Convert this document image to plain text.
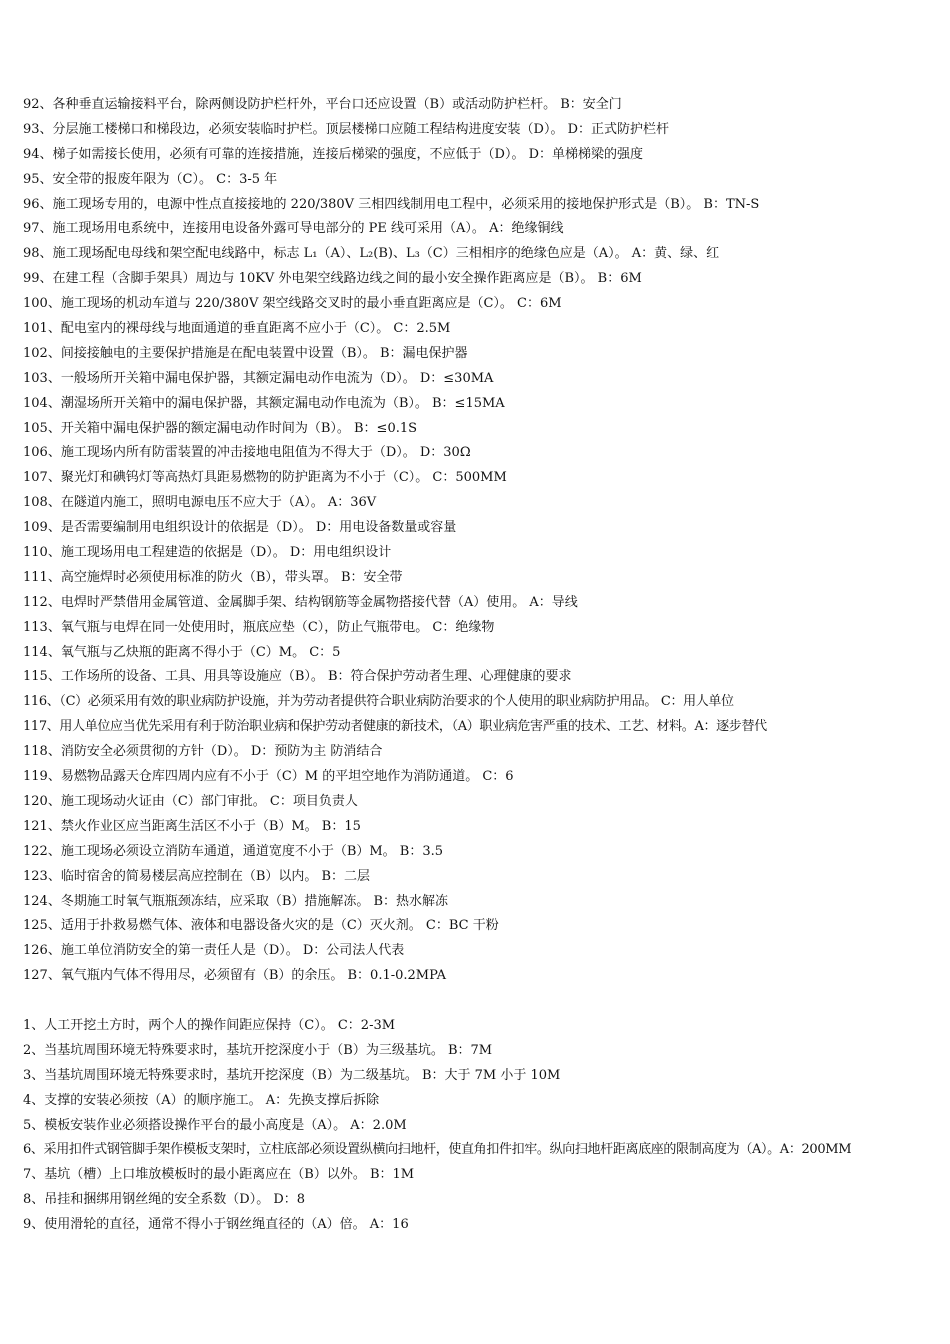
92、各种垂直运输接料平台，除两侧设防护栏杆外，平台口还应设置（B）或活动防护栏杆。 B：安全门
93、分层施工楼梯口和梯段边，必须安装临时护栏。顶层楼梯口应随工程结构进度安装（D）。 D：正式防护栏杆
94、梯子如需接长使用，必须有可靠的连接措施，连接后梯梁的强度，不应低于（D）。 D：单梯梯梁的强度
95、安全带的报废年限为（C）。 C：3-5 年
96、施工现场专用的，电源中性点直接接地的 220/380V 三相四线制用电工程中，必须采用的接地保护形式是（B）。 B：TN-S
97、施工现场用电系统中，连接用电设备外露可导电部分的 PE 线可采用（A）。 A：绝缘铜线
98、施工现场配电母线和架空配电线路中，标志 L₁（A）、L₂(B)、L₃（C）三相相序的绝缘色应是（A）。 A：黄、绿、红
99、在建工程（含脚手架具）周边与 10KV 外电架空线路边线之间的最小安全操作距离应是（B）。 B：6M
100、施工现场的机动车道与 220/380V 架空线路交叉时的最小垂直距离应是（C）。 C：6M
101、配电室内的裸母线与地面通道的垂直距离不应小于（C）。 C：2.5M
102、间接接触电的主要保护措施是在配电装置中设置（B）。 B：漏电保护器
103、一般场所开关箱中漏电保护器，其额定漏电动作电流为（D）。 D：≤30MA
104、潮湿场所开关箱中的漏电保护器，其额定漏电动作电流为（B）。 B：≤15MA
105、开关箱中漏电保护器的额定漏电动作时间为（B）。 B：≤0.1S
106、施工现场内所有防雷装置的冲击接地电阻值为不得大于（D）。 D：30Ω
107、聚光灯和碘钨灯等高热灯具距易燃物的防护距离为不小于（C）。 C：500MM
108、在隧道内施工，照明电源电压不应大于（A）。 A：36V
109、是否需要编制用电组织设计的依据是（D）。 D：用电设备数量或容量
110、施工现场用电工程建造的依据是（D）。 D：用电组织设计
111、高空施焊时必须使用标准的防火（B），带头罩。 B：安全带
112、电焊时严禁借用金属管道、金属脚手架、结构钢筋等金属物搭接代替（A）使用。 A：导线
113、氧气瓶与电焊在同一处使用时，瓶底应垫（C），防止气瓶带电。 C：绝缘物
114、氧气瓶与乙炔瓶的距离不得小于（C）M。 C：5
115、工作场所的设备、工具、用具等设施应（B）。 B：符合保护劳动者生理、心理健康的要求
116、（C）必须采用有效的职业病防护设施，并为劳动者提供符合职业病防治要求的个人使用的职业病防护用品。 C：用人单位
117、用人单位应当优先采用有利于防治职业病和保护劳动者健康的新技术，（A）职业病危害严重的技术、工艺、材料。A：逐步替代
118、消防安全必须贯彻的方针（D）。 D：预防为主 防消结合
119、易燃物品露天仓库四周内应有不小于（C）M 的平坦空地作为消防通道。 C：6
120、施工现场动火证由（C）部门审批。 C：项目负责人
121、禁火作业区应当距离生活区不小于（B）M。 B：15
122、施工现场必须设立消防车通道，通道宽度不小于（B）M。 B：3.5
123、临时宿舍的简易楼层高应控制在（B）以内。 B：二层
124、冬期施工时氧气瓶瓶颈冻结，应采取（B）措施解冻。 B：热水解冻
125、适用于扑救易燃气体、液体和电器设备火灾的是（C）灭火剂。 C：BC 干粉
126、施工单位消防安全的第一责任人是（D）。 D：公司法人代表
127、氧气瓶内气体不得用尽，必须留有（B）的余压。 B：0.1-0.2MPA
1、人工开挖土方时，两个人的操作间距应保持（C）。 C：2-3M
2、当基坑周围环境无特殊要求时，基坑开挖深度小于（B）为三级基坑。 B：7M
3、当基坑周围环境无特殊要求时，基坑开挖深度（B）为二级基坑。 B：大于 7M 小于 10M
4、支撑的安装必须按（A）的顺序施工。 A：先换支撑后拆除
5、模板安装作业必须搭设操作平台的最小高度是（A）。 A：2.0M
6、采用扣件式钢管脚手架作模板支架时，立柱底部必须设置纵横向扫地杆，使直角扣件扣牢。纵向扫地杆距离底座的限制高度为（A）。A：200MM
7、基坑（槽）上口堆放模板时的最小距离应在（B）以外。 B：1M
8、吊挂和捆绑用钢丝绳的安全系数（D）。 D：8
9、使用滑轮的直径，通常不得小于钢丝绳直径的（A）倍。 A：16
